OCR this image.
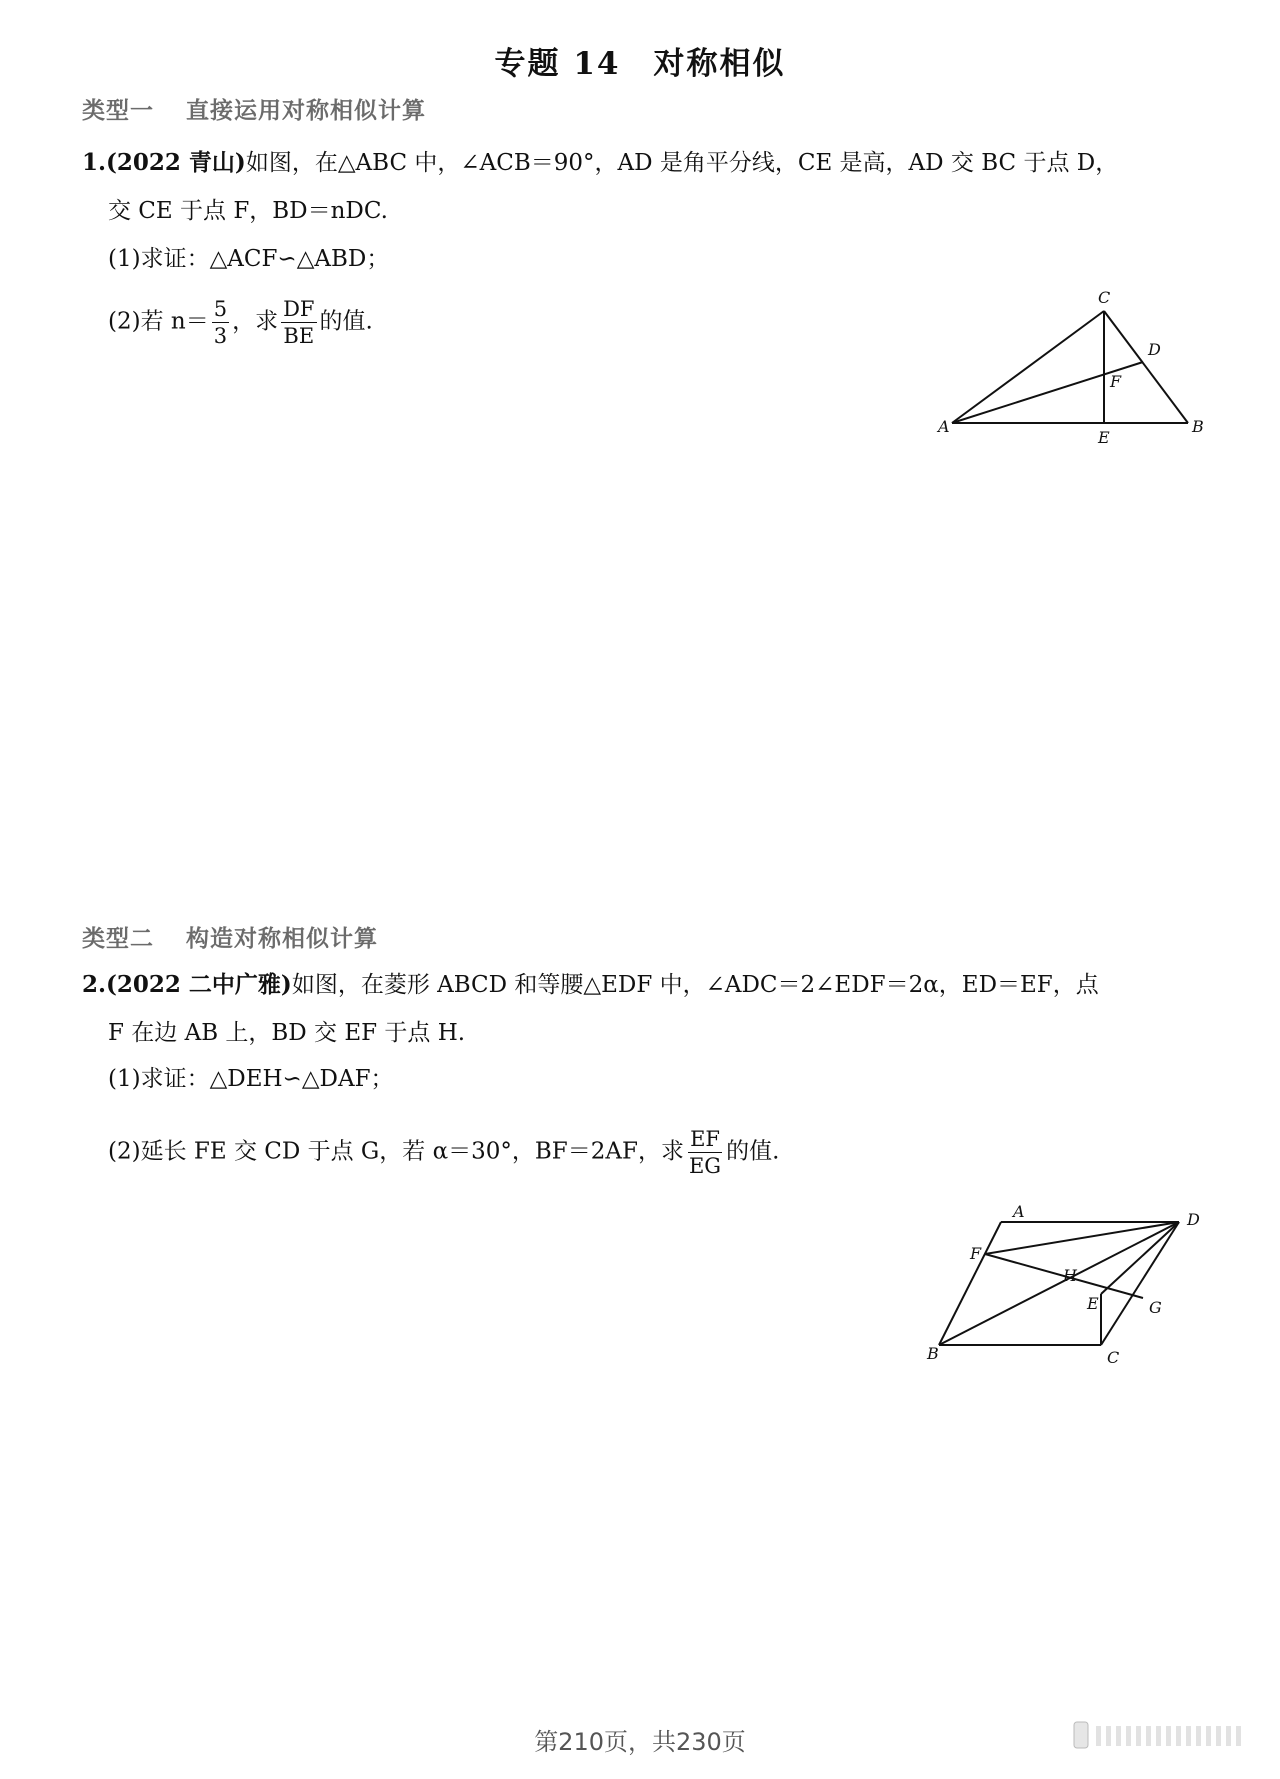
专题 14　对称相似
类型一 直接运用对称相似计算
1.(2022 青山)如图，在△ABC 中，∠ACB＝90°，AD 是角平分线，CE 是高，AD 交 BC 于点 D，
交 CE 于点 F，BD＝nDC.
(1)求证：△ACF∽△ABD；
(2)若 $n= \frac{5}{3}$ ，求 $\frac{DF}{BE}$ 的值.
A	B
C
D
E
F
类型二 构造对称相似计算
2.(2022 二中广雅)如图，在菱形 ABCD 和等腰△EDF 中，∠ADC＝2∠EDF＝2α，ED＝EF，点
F 在边 AB 上，BD 交 EF 于点 H.
(1)求证：△DEH∽△DAF；
(2)延长 FE 交 CD 于点 G，若 α＝30°，BF＝2AF，求 $\frac{EF}{EG}$ 的值.
A
B	C
D
E
F
G
H
第210页，共230页
